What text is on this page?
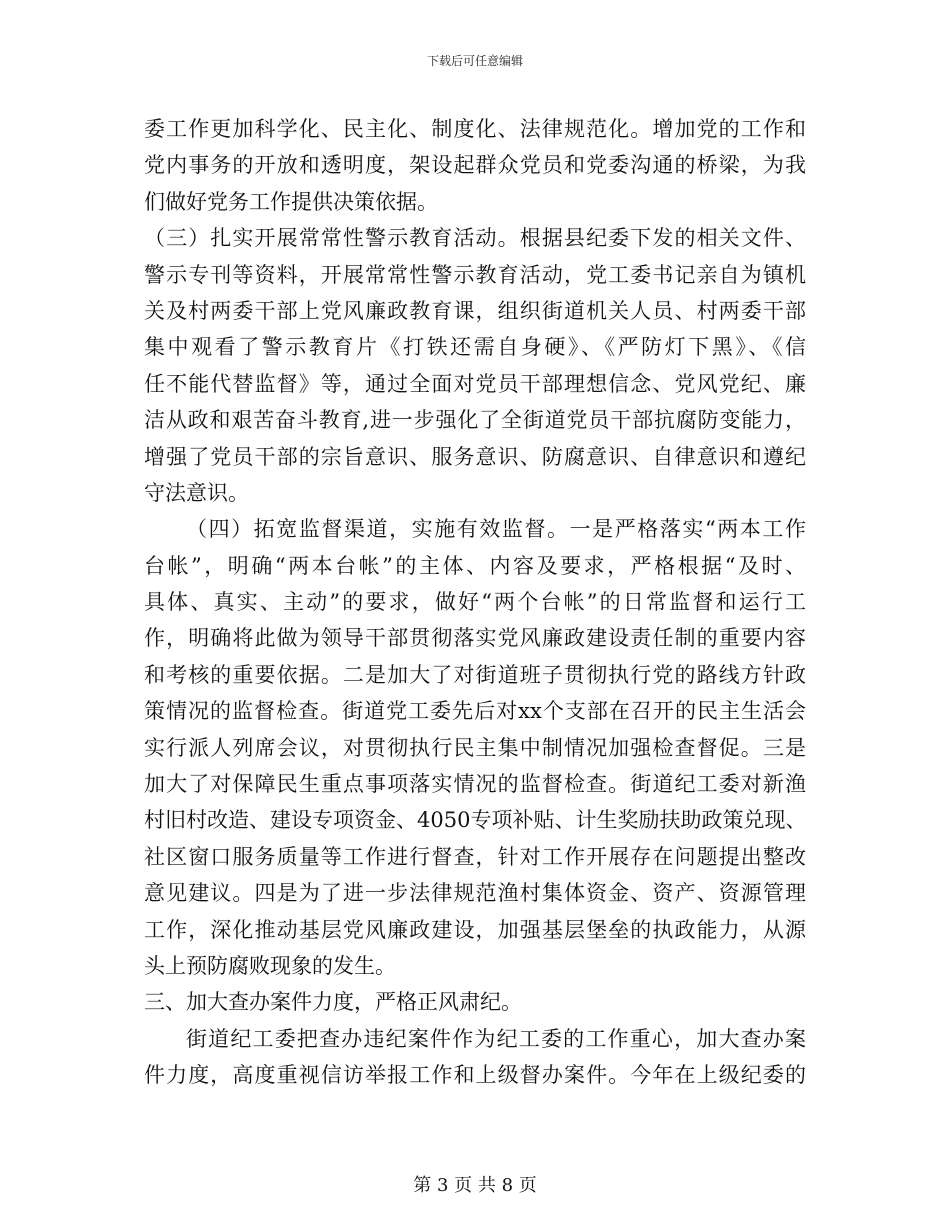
下载后可任意编辑
委工作更加科学化、民主化、制度化、法律规范化。增加党的工作和
党内事务的开放和透明度，架设起群众党员和党委沟通的桥梁，为我
们做好党务工作提供决策依据。
（三）扎实开展常常性警示教育活动。根据县纪委下发的相关文件、
警示专刊等资料，开展常常性警示教育活动，党工委书记亲自为镇机
关及村两委干部上党风廉政教育课，组织街道机关人员、村两委干部
集中观看了警示教育片《打铁还需自身硬》、《严防灯下黑》、《信
任不能代替监督》等，通过全面对党员干部理想信念、党风党纪、廉
洁从政和艰苦奋斗教育,进一步强化了全街道党员干部抗腐防变能力，
增强了党员干部的宗旨意识、服务意识、防腐意识、自律意识和遵纪
守法意识。
（四）拓宽监督渠道，实施有效监督。一是严格落实“两本工作
台帐”，明确“两本台帐”的主体、内容及要求，严格根据“及时、
具体、真实、主动”的要求，做好“两个台帐”的日常监督和运行工
作，明确将此做为领导干部贯彻落实党风廉政建设责任制的重要内容
和考核的重要依据。二是加大了对街道班子贯彻执行党的路线方针政
策情况的监督检查。街道党工委先后对xx个支部在召开的民主生活会
实行派人列席会议，对贯彻执行民主集中制情况加强检查督促。三是
加大了对保障民生重点事项落实情况的监督检查。街道纪工委对新渔
村旧村改造、建设专项资金、4050专项补贴、计生奖励扶助政策兑现、
社区窗口服务质量等工作进行督查，针对工作开展存在问题提出整改
意见建议。四是为了进一步法律规范渔村集体资金、资产、资源管理
工作，深化推动基层党风廉政建设，加强基层堡垒的执政能力，从源
头上预防腐败现象的发生。
三、加大查办案件力度，严格正风肃纪。
街道纪工委把查办违纪案件作为纪工委的工作重心，加大查办案
件力度，高度重视信访举报工作和上级督办案件。今年在上级纪委的
第 3 页 共 8 页
